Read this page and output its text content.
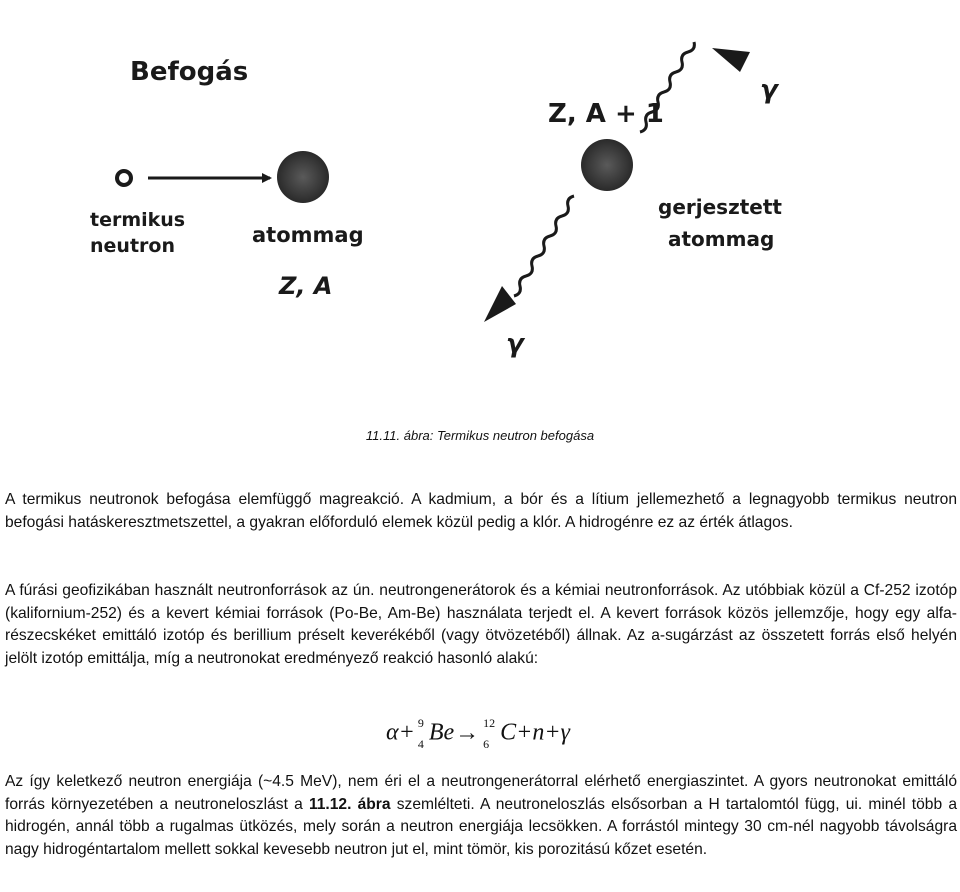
Befogás
termikus
neutron	atommag
Z, A
Z, A + 1
gerjesztett
atommag
γ
γ
11.11. ábra: Termikus neutron befogása
A termikus neutronok befogása elemfüggő magreakció. A kadmium, a bór és a lítium jellemezhető a legnagyobb termikus neutron befogási hatáskeresztmetszettel, a gyakran előforduló elemek közül pedig a klór. A hidrogénre ez az érték átlagos.
A fúrási geofizikában használt neutronforrások az ún. neutrongenerátorok és a kémiai neutronforrások. Az utóbbiak közül a Cf-252 izotóp (kalifornium-252) és a kevert kémiai források (Po-Be, Am-Be) használata terjedt el. A kevert források közös jellemzője, hogy egy alfa-részecskéket emittáló izotóp és berillium préselt keverékéből (vagy ötvözetéből) állnak. Az a-sugárzást az összetett forrás első helyén jelölt izotóp emittálja, míg a neutronokat eredményező reakció hasonló alakú:
α+ 9
4 Be→ 12
6 C+n+γ
Az így keletkező neutron energiája (~4.5 MeV), nem éri el a neutrongenerátorral elérhető energiaszintet. A gyors neutronokat emittáló forrás környezetében a neutroneloszlást a 11.12. ábra szemlélteti. A neutroneloszlás elsősorban a H tartalomtól függ, ui. minél több a hidrogén, annál több a rugalmas ütközés, mely során a neutron energiája lecsökken. A forrástól mintegy 30 cm-nél nagyobb távolságra nagy hidrogéntartalom mellett sokkal kevesebb neutron jut el, mint tömör, kis porozitású kőzet esetén.
